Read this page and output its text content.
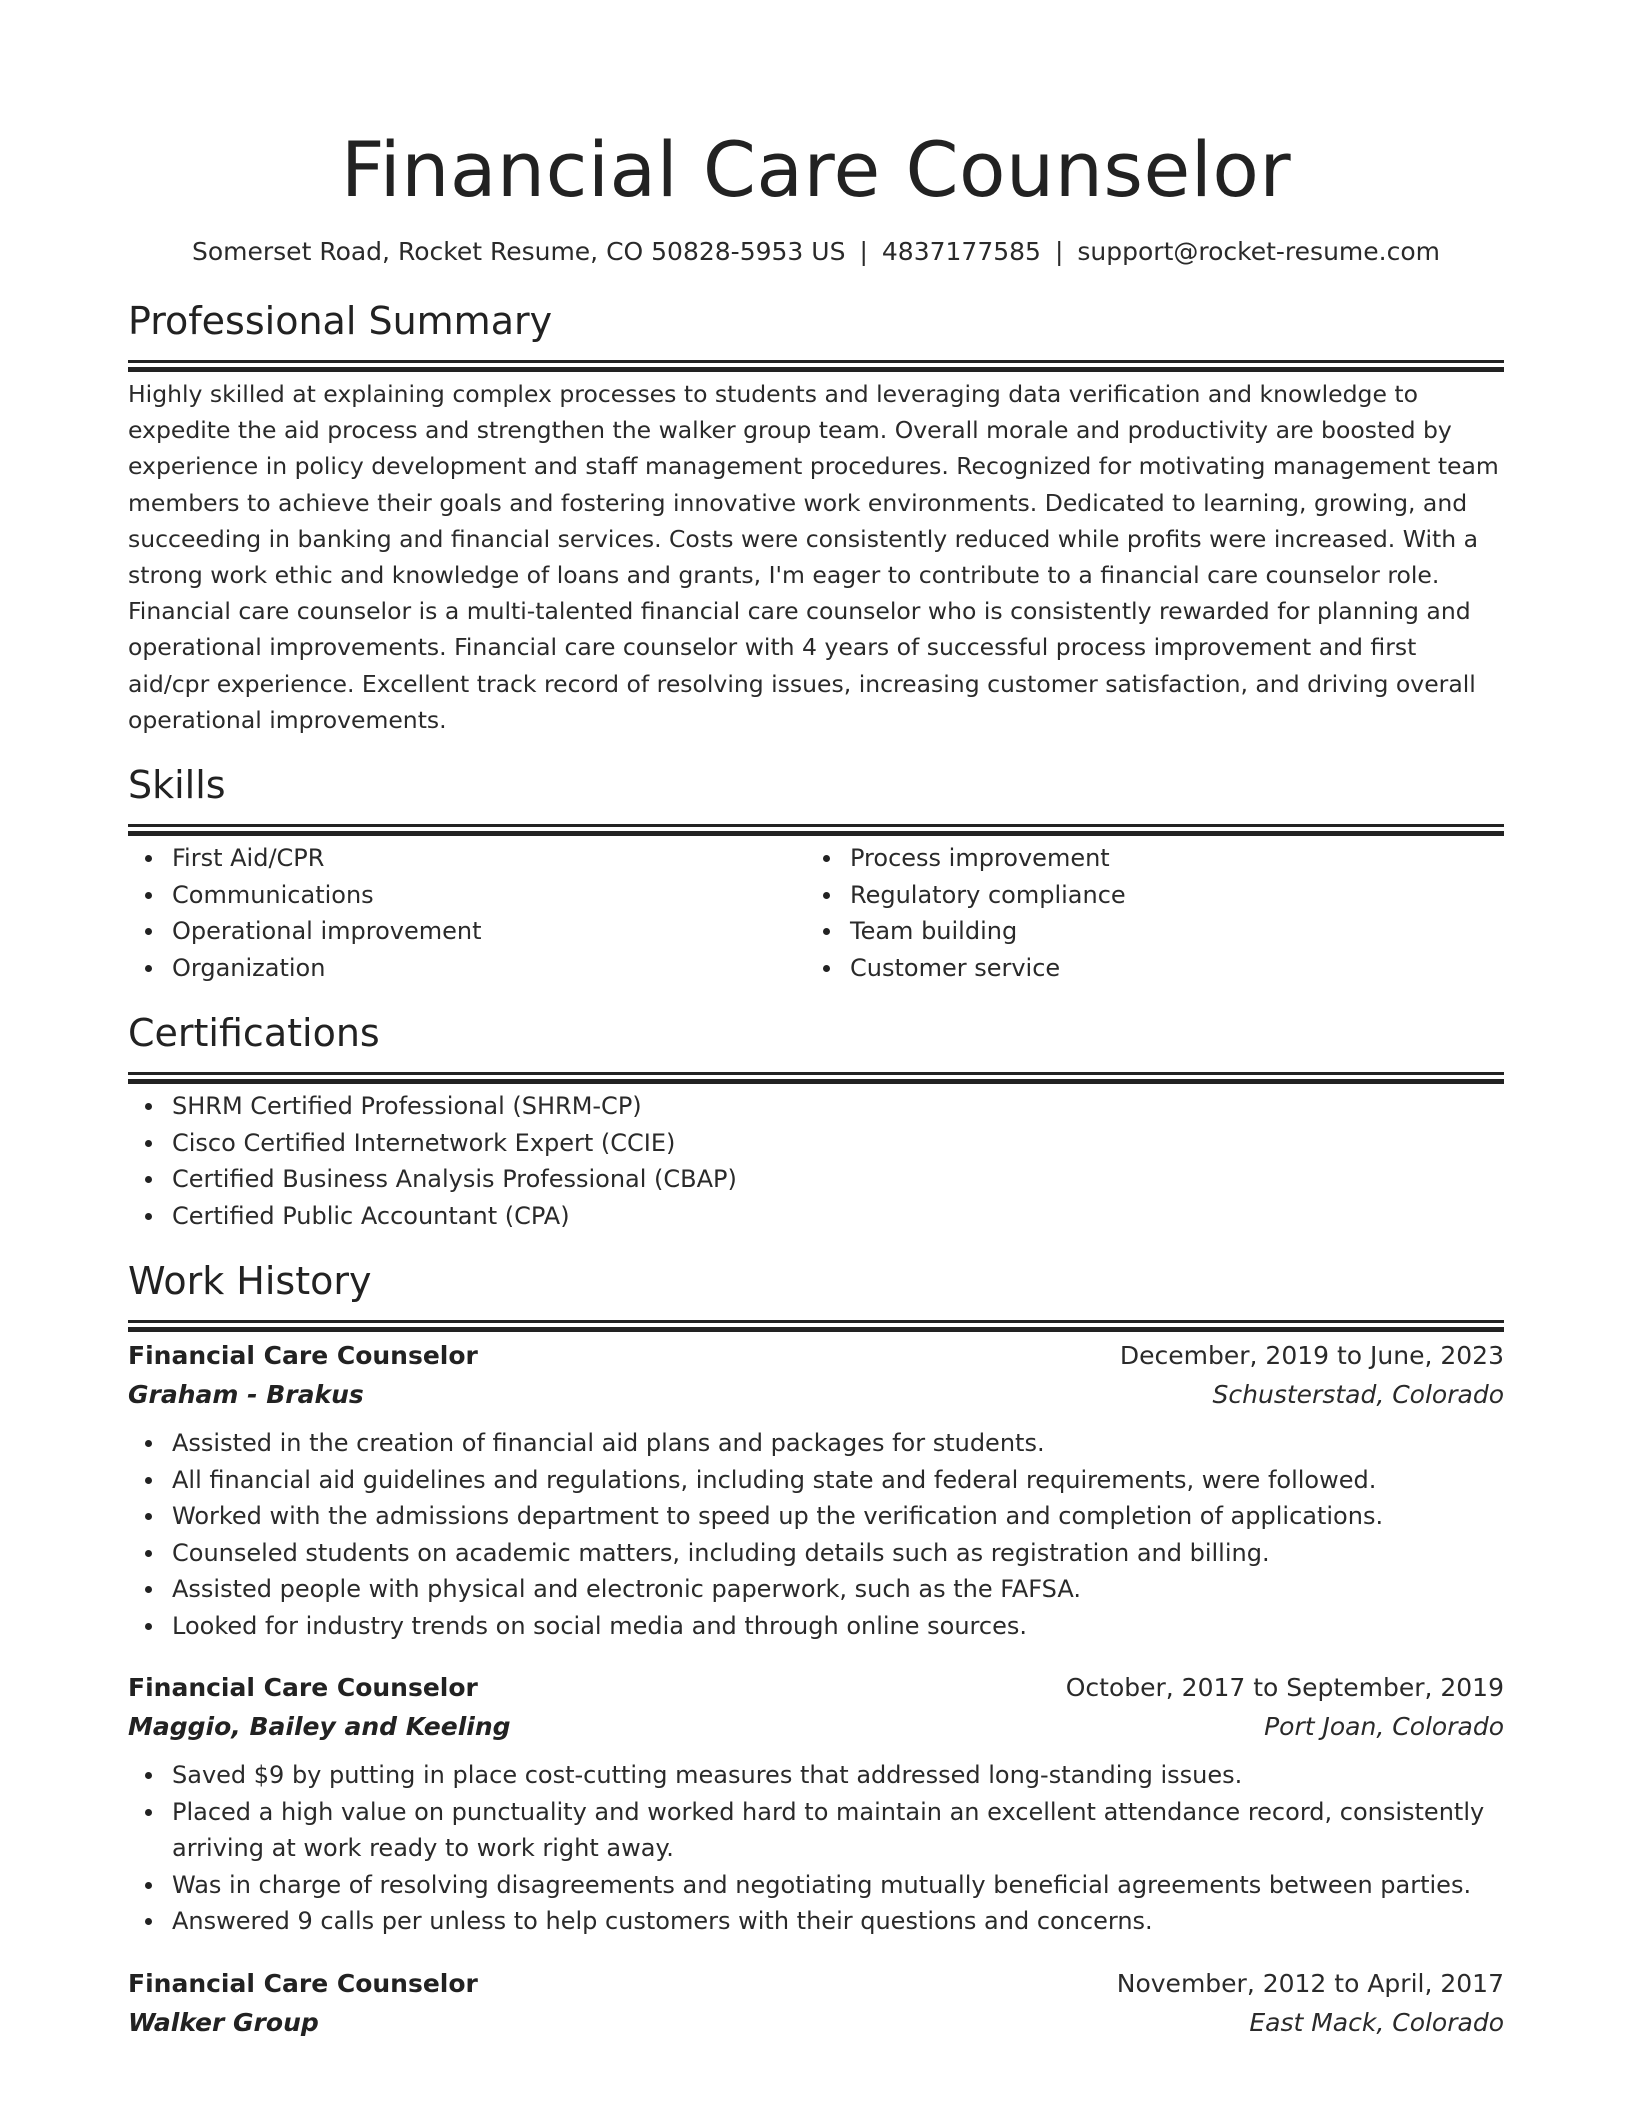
Financial Care Counselor
Somerset Road, Rocket Resume, CO 50828-5953 US | 4837177585 | support@rocket-resume.com
Professional Summary

Highly skilled at explaining complex processes to students and leveraging data verification and knowledge to expedite the aid process and strengthen the walker group team. Overall morale and productivity are boosted by experience in policy development and staff management procedures. Recognized for motivating management team members to achieve their goals and fostering innovative work environments. Dedicated to learning, growing, and succeeding in banking and financial services. Costs were consistently reduced while profits were increased. With a strong work ethic and knowledge of loans and grants, I'm eager to contribute to a financial care counselor role. Financial care counselor is a multi-talented financial care counselor who is consistently rewarded for planning and operational improvements. Financial care counselor with 4 years of successful process improvement and first aid/cpr experience. Excellent track record of resolving issues, increasing customer satisfaction, and driving overall operational improvements.

Skills
First Aid/CPR
Communications
Operational improvement
Organization
Process improvement
Regulatory compliance
Team building
Customer service
Certifications
SHRM Certified Professional (SHRM-CP)
Cisco Certified Internetwork Expert (CCIE)
Certified Business Analysis Professional (CBAP)
Certified Public Accountant (CPA)
Work History
Financial Care Counselor	December, 2019 to June, 2023
Graham - Brakus	Schusterstad, Colorado
Assisted in the creation of financial aid plans and packages for students.
All financial aid guidelines and regulations, including state and federal requirements, were followed.
Worked with the admissions department to speed up the verification and completion of applications.
Counseled students on academic matters, including details such as registration and billing.
Assisted people with physical and electronic paperwork, such as the FAFSA.
Looked for industry trends on social media and through online sources.
Financial Care Counselor	October, 2017 to September, 2019
Maggio, Bailey and Keeling	Port Joan, Colorado
Saved $9 by putting in place cost-cutting measures that addressed long-standing issues.
Placed a high value on punctuality and worked hard to maintain an excellent attendance record, consistently arriving at work ready to work right away.
Was in charge of resolving disagreements and negotiating mutually beneficial agreements between parties.
Answered 9 calls per unless to help customers with their questions and concerns.
Financial Care Counselor	November, 2012 to April, 2017
Walker Group	East Mack, Colorado
